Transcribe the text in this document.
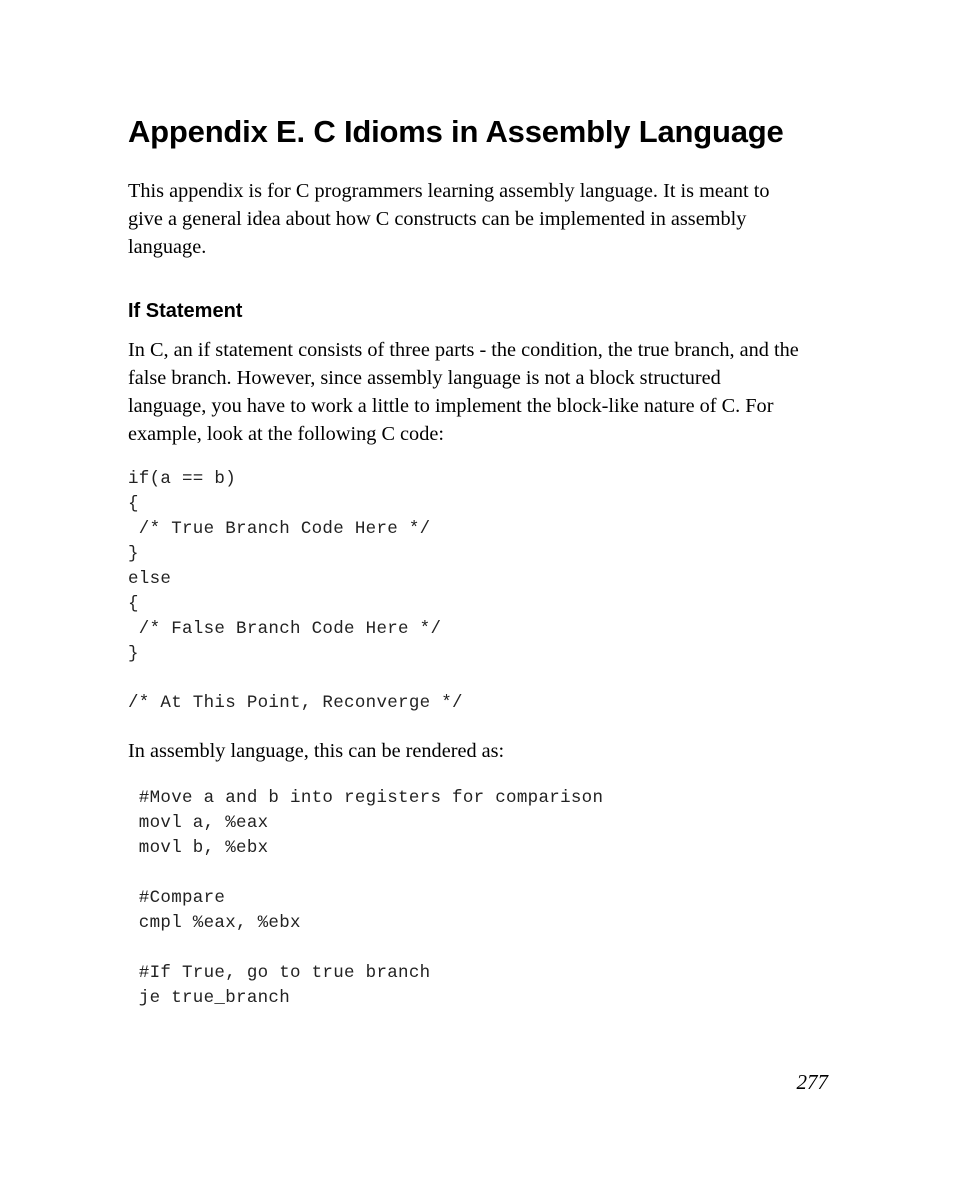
Appendix E. C Idioms in Assembly Language

This appendix is for C programmers learning assembly language. It is meant to
give a general idea about how C constructs can be implemented in assembly
language.

If Statement

In C, an if statement consists of three parts - the condition, the true branch, and the
false branch. However, since assembly language is not a block structured
language, you have to work a little to implement the block-like nature of C. For
example, look at the following C code:

if(a == b)
{
/* True Branch Code Here */
}
else
{
/* False Branch Code Here */
}
/* At This Point, Reconverge */

In assembly language, this can be rendered as:

#Move a and b into registers for comparison
movl a, %eax
movl b, %ebx
#Compare
cmpl %eax, %ebx
#If True, go to true branch
je true_branch

277
